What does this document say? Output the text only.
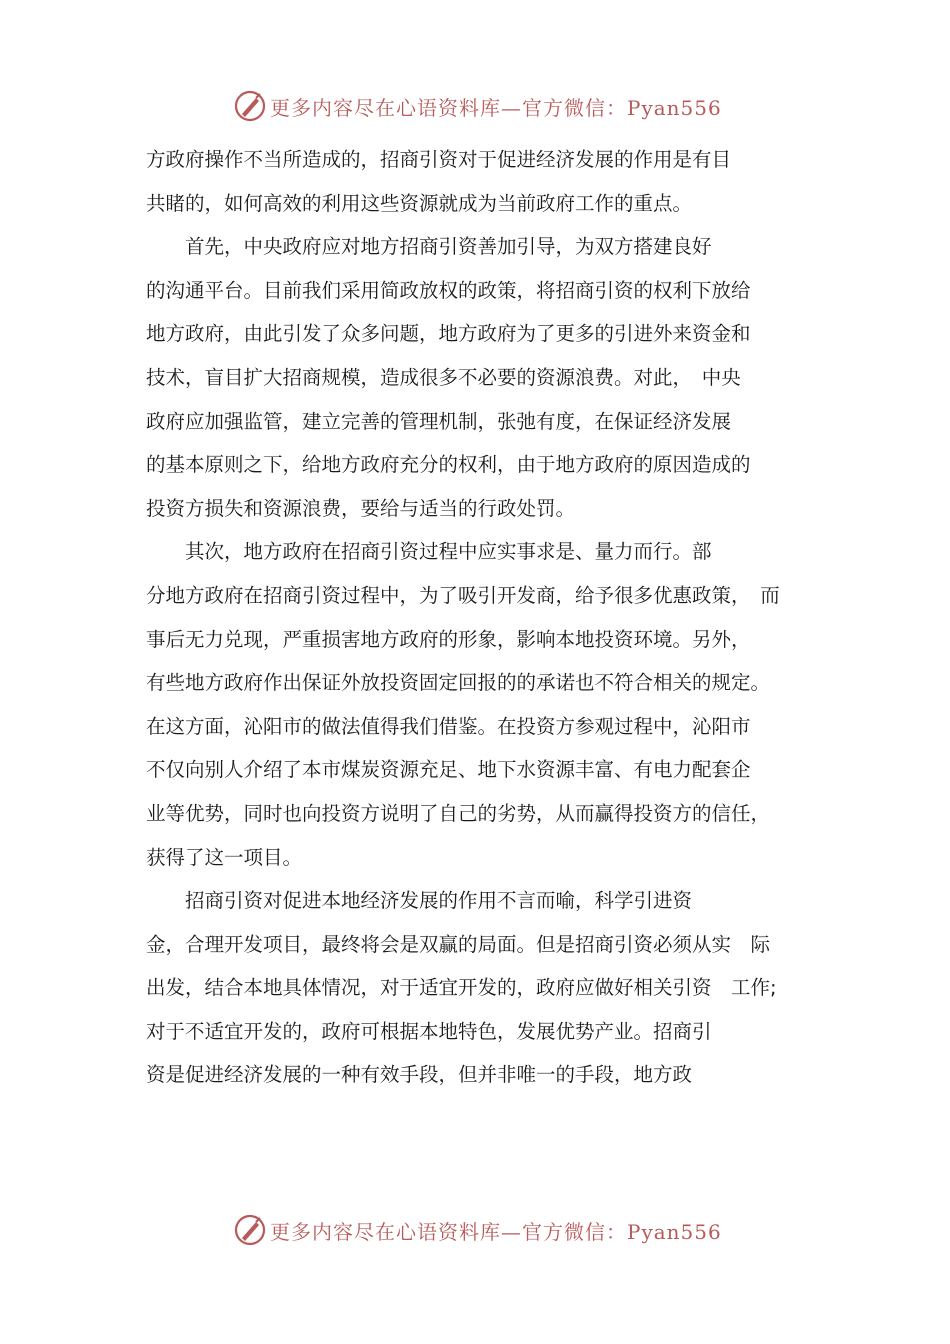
更多内容尽在心语资料库—官方微信：Pyan556
方政府操作不当所造成的，招商引资对于促进经济发展的作用是有目
共睹的，如何高效的利用这些资源就成为当前政府工作的重点。
　　首先，中央政府应对地方招商引资善加引导，为双方搭建良好
的沟通平台。目前我们采用简政放权的政策，将招商引资的权利下放给
地方政府，由此引发了众多问题，地方政府为了更多的引进外来资金和
技术，盲目扩大招商规模，造成很多不必要的资源浪费。对此，　中央
政府应加强监管，建立完善的管理机制，张弛有度，在保证经济发展
的基本原则之下，给地方政府充分的权利，由于地方政府的原因造成的
投资方损失和资源浪费，要给与适当的行政处罚。
　　其次，地方政府在招商引资过程中应实事求是、量力而行。部
分地方政府在招商引资过程中，为了吸引开发商，给予很多优惠政策，　而
事后无力兑现，严重损害地方政府的形象，影响本地投资环境。另外，
有些地方政府作出保证外放投资固定回报的的承诺也不符合相关的规定。
在这方面，沁阳市的做法值得我们借鉴。在投资方参观过程中，沁阳市
不仅向别人介绍了本市煤炭资源充足、地下水资源丰富、有电力配套企
业等优势，同时也向投资方说明了自己的劣势，从而赢得投资方的信任，
获得了这一项目。
　　招商引资对促进本地经济发展的作用不言而喻，科学引进资
金，合理开发项目，最终将会是双赢的局面。但是招商引资必须从实　际
出发，结合本地具体情况，对于适宜开发的，政府应做好相关引资　工作;
对于不适宜开发的，政府可根据本地特色，发展优势产业。招商引
资是促进经济发展的一种有效手段，但并非唯一的手段，地方政
更多内容尽在心语资料库—官方微信：Pyan556
